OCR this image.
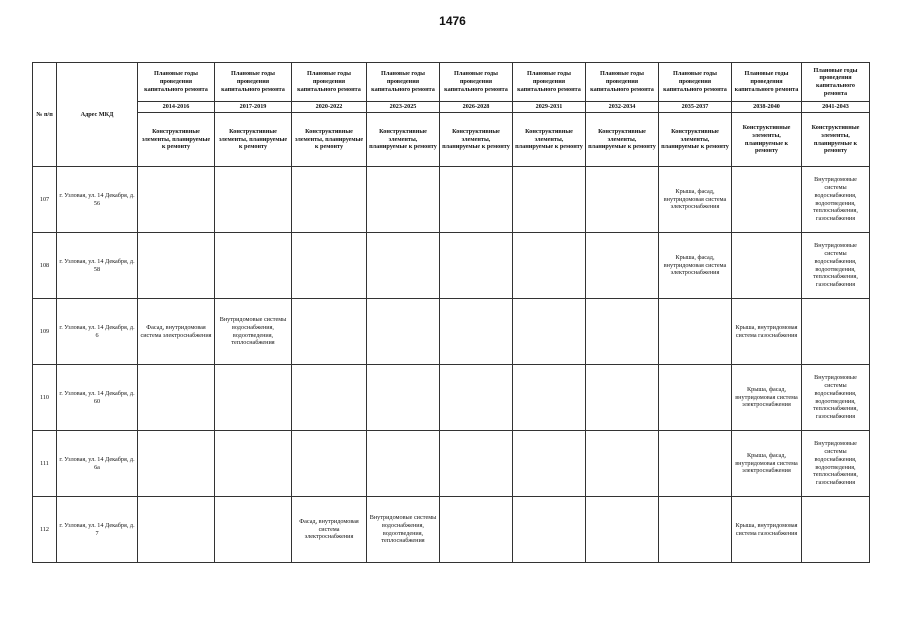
1476
№ п/п	Адрес МКД	Плановые годы проведения капитального ремонта	Плановые годы проведения капитального ремонта	Плановые годы проведения капитального ремонта	Плановые годы проведения капитального ремонта	Плановые годы проведения капитального ремонта	Плановые годы проведения капитального ремонта	Плановые годы проведения капитального ремонта	Плановые годы проведения капитального ремонта	Плановые годы проведения капитального ремонта	Плановые годы проведения капитального ремонта
		2014-2016	2017-2019	2020-2022	2023-2025	2026-2028	2029-2031	2032-2034	2035-2037	2038-2040	2041-2043
		Конструктивные элементы, планируемые к ремонту	Конструктивные элементы, планируемые к ремонту	Конструктивные элементы, планируемые к ремонту	Конструктивные элементы, планируемые к ремонту	Конструктивные элементы, планируемые к ремонту	Конструктивные элементы, планируемые к ремонту	Конструктивные элементы, планируемые к ремонту	Конструктивные элементы, планируемые к ремонту	Конструктивные элементы, планируемые к ремонту	Конструктивные элементы, планируемые к ремонту
107	г. Узловая, ул. 14 Декабря, д. 56								Крыша, фасад, внутридомовая система электроснабжения		Внутридомовые системы водоснабжения, водоотведения, теплоснабжения, газоснабжения
108	г. Узловая, ул. 14 Декабря, д. 58								Крыша, фасад, внутридомовая система электроснабжения		Внутридомовые системы водоснабжения, водоотведения, теплоснабжения, газоснабжения
109	г. Узловая, ул. 14 Декабря, д. 6	Фасад, внутридомовая система электроснабжения	Внутридомовые системы водоснабжения, водоотведения, теплоснабжения							Крыша, внутридомовая система газоснабжения	
110	г. Узловая, ул. 14 Декабря, д. 60									Крыша, фасад, внутридомовая система электроснабжения	Внутридомовые системы водоснабжения, водоотведения, теплоснабжения, газоснабжения
111	г. Узловая, ул. 14 Декабря, д. 6а									Крыша, фасад, внутридомовая система электроснабжения	Внутридомовые системы водоснабжения, водоотведения, теплоснабжения, газоснабжения
112	г. Узловая, ул. 14 Декабря, д. 7			Фасад, внутридомовая система электроснабжения	Внутридомовые системы водоснабжения, водоотведения, теплоснабжения					Крыша, внутридомовая система газоснабжения	
